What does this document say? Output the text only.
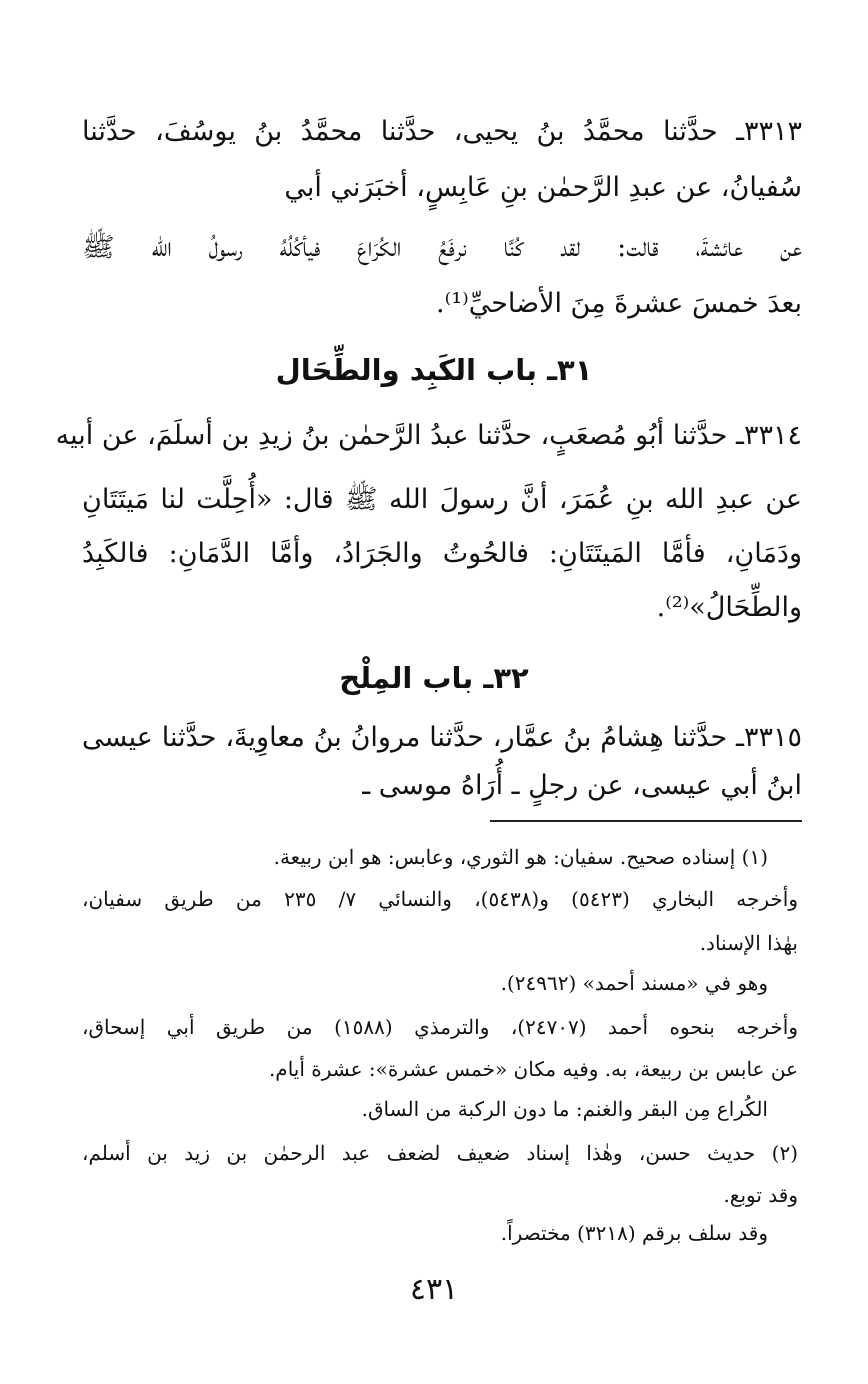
٣٣١٣ـ حدَّثنا محمَّدُ بنُ يحيى، حدَّثنا محمَّدُ بنُ يوسُفَ، حدَّثنا
سُفيانُ، عن عبدِ الرَّحمٰن بنِ عَابِسٍ، أخبَرَني أبي
عن عائشةَ، قالت: لقد كُنَّا نرفَعُ الكُرَاعَ فيأكُلُهُ رسولُ الله ﷺ
بعدَ خمسَ عشرةَ مِنَ الأضاحيِّ⁽¹⁾.
٣١ـ باب الكَبِد والطِّحَال
٣٣١٤ـ حدَّثنا أبُو مُصعَبٍ، حدَّثنا عبدُ الرَّحمٰن بنُ زيدِ بن أسلَمَ، عن أبيه
عن عبدِ الله بنِ عُمَرَ، أنَّ رسولَ الله ﷺ قال: «أُحِلَّت لنا مَيتَتَانِ
ودَمَانِ، فأمَّا المَيتَتَانِ: فالحُوتُ والجَرَادُ، وأمَّا الدَّمَانِ: فالكَبِدُ
والطِّحَالُ»⁽²⁾.
٣٢ـ باب المِلْح
٣٣١٥ـ حدَّثنا هِشامُ بنُ عمَّار، حدَّثنا مروانُ بنُ معاوِيةَ، حدَّثنا عيسى
ابنُ أبي عيسى، عن رجلٍ ـ أُرَاهُ موسى ـ
(١) إسناده صحيح. سفيان: هو الثوري، وعابس: هو ابن ربيعة.
وأخرجه البخاري (٥٤٢٣) و(٥٤٣٨)، والنسائي ٧/ ٢٣٥ من طريق سفيان،
بهٰذا الإسناد.
وهو في «مسند أحمد» (٢٤٩٦٢).
وأخرجه بنحوه أحمد (٢٤٧٠٧)، والترمذي (١٥٨٨) من طريق أبي إسحاق،
عن عابس بن ربيعة، به. وفيه مكان «خمس عشرة»: عشرة أيام.
الكُراع مِن البقر والغنم: ما دون الركبة من الساق.
(٢) حديث حسن، وهٰذا إسناد ضعيف لضعف عبد الرحمٰن بن زيد بن أسلم،
وقد توبع.
وقد سلف برقم (٣٢١٨) مختصراً.
٤٣١
